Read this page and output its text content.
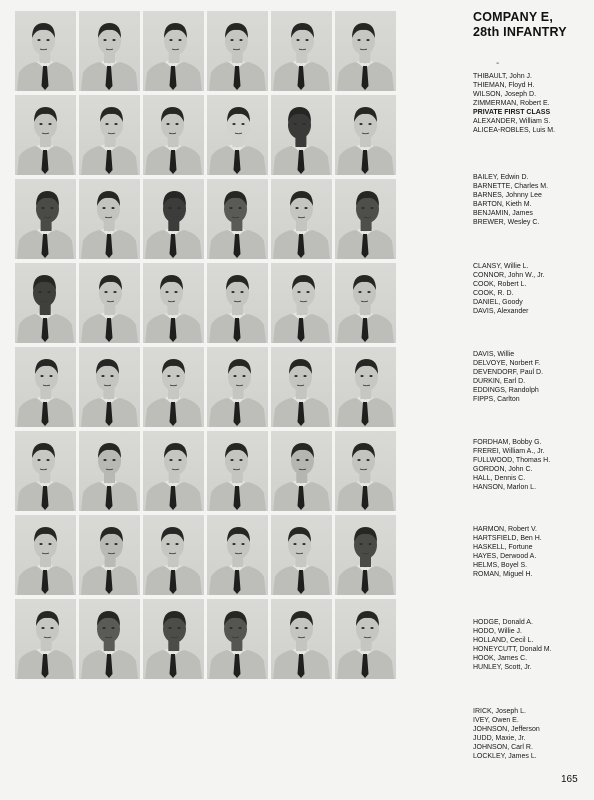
COMPANY E,
28th INFANTRY
-
THIBAULT, John J.
THIEMAN, Floyd H.
WILSON, Joseph D.
ZIMMERMAN, Robert E.
PRIVATE FIRST CLASS
ALEXANDER, William S.
ALICEA-ROBLES, Luis M.
BAILEY, Edwin D.
BARNETTE, Charles M.
BARNES, Johnny Lee
BARTON, Kieth M.
BENJAMIN, James
BREWER, Wesley C.
CLANSY, Willie L.
CONNOR, John W., Jr.
COOK, Robert L.
COOK, R. D.
DANIEL, Goody
DAVIS, Alexander
DAVIS, Willie
DELVOYE, Norbert F.
DEVENDORF, Paul D.
DURKIN, Earl D.
EDDINGS, Randolph
FIPPS, Carlton
FORDHAM, Bobby G.
FREREI, William A., Jr.
FULLWOOD, Thomas H.
GORDON, John C.
HALL, Dennis C.
HANSON, Marlon L.
HARMON, Robert V.
HARTSFIELD, Ben H.
HASKELL, Fortune
HAYES, Derwood A.
HELMS, Boyel S.
ROMAN, Miguel H.
HODGE, Donald A.
HODO, Willie J.
HOLLAND, Cecil L.
HONEYCUTT, Donald M.
HOOK, James C.
HUNLEY, Scott, Jr.
IRICK, Joseph L.
IVEY, Owen E.
JOHNSON, Jefferson
JUDD, Maxie, Jr.
JOHNSON, Carl R.
LOCKLEY, James L.
165
